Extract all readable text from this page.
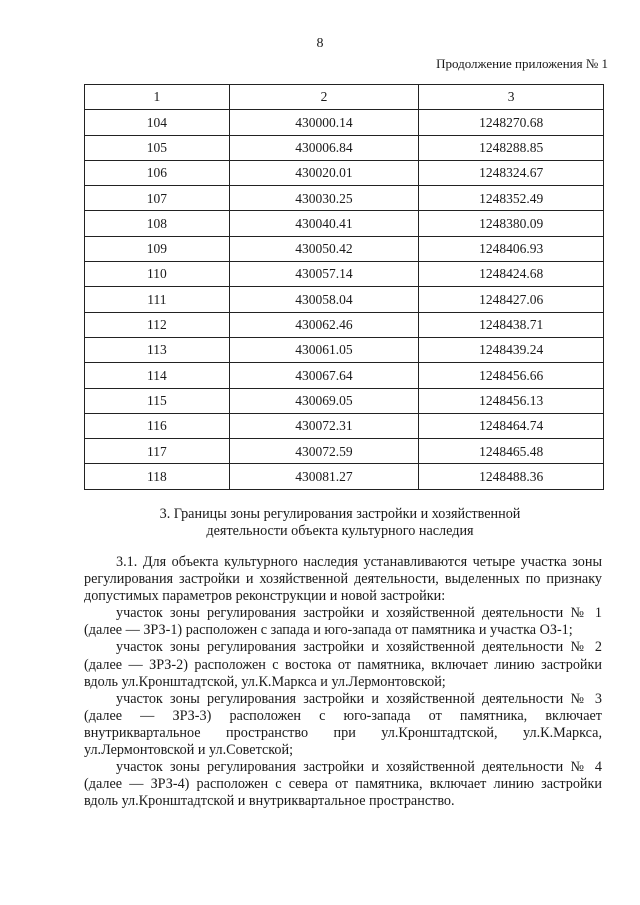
8
Продолжение приложения № 1
1	2	3
104	430000.14	1248270.68
105	430006.84	1248288.85
106	430020.01	1248324.67
107	430030.25	1248352.49
108	430040.41	1248380.09
109	430050.42	1248406.93
110	430057.14	1248424.68
111	430058.04	1248427.06
112	430062.46	1248438.71
113	430061.05	1248439.24
114	430067.64	1248456.66
115	430069.05	1248456.13
116	430072.31	1248464.74
117	430072.59	1248465.48
118	430081.27	1248488.36
3. Границы зоны регулирования застройки и хозяйственной
деятельности объекта культурного наследия

3.1. Для объекта культурного наследия устанавливаются четыре участка зоны регулирования застройки и хозяйственной деятельности, выделенных по признаку допустимых параметров реконструкции и новой застройки:

участок зоны регулирования застройки и хозяйственной деятельности № 1 (далее — ЗРЗ-1) расположен с запада и юго-запада от памятника и участка ОЗ-1;

участок зоны регулирования застройки и хозяйственной деятельности № 2 (далее — ЗРЗ-2) расположен с востока от памятника, включает линию застройки вдоль ул.Кронштадтской, ул.К.Маркса и ул.Лермонтовской;

участок зоны регулирования застройки и хозяйственной деятельности № 3 (далее — ЗРЗ-3) расположен с юго-запада от памятника, включает внутриквартальное пространство при ул.Кронштадтской, ул.К.Маркса, ул.Лермонтовской и ул.Советской;

участок зоны регулирования застройки и хозяйственной деятельности № 4 (далее — ЗРЗ-4) расположен с севера от памятника, включает линию застройки вдоль ул.Кронштадтской и внутриквартальное пространство.
